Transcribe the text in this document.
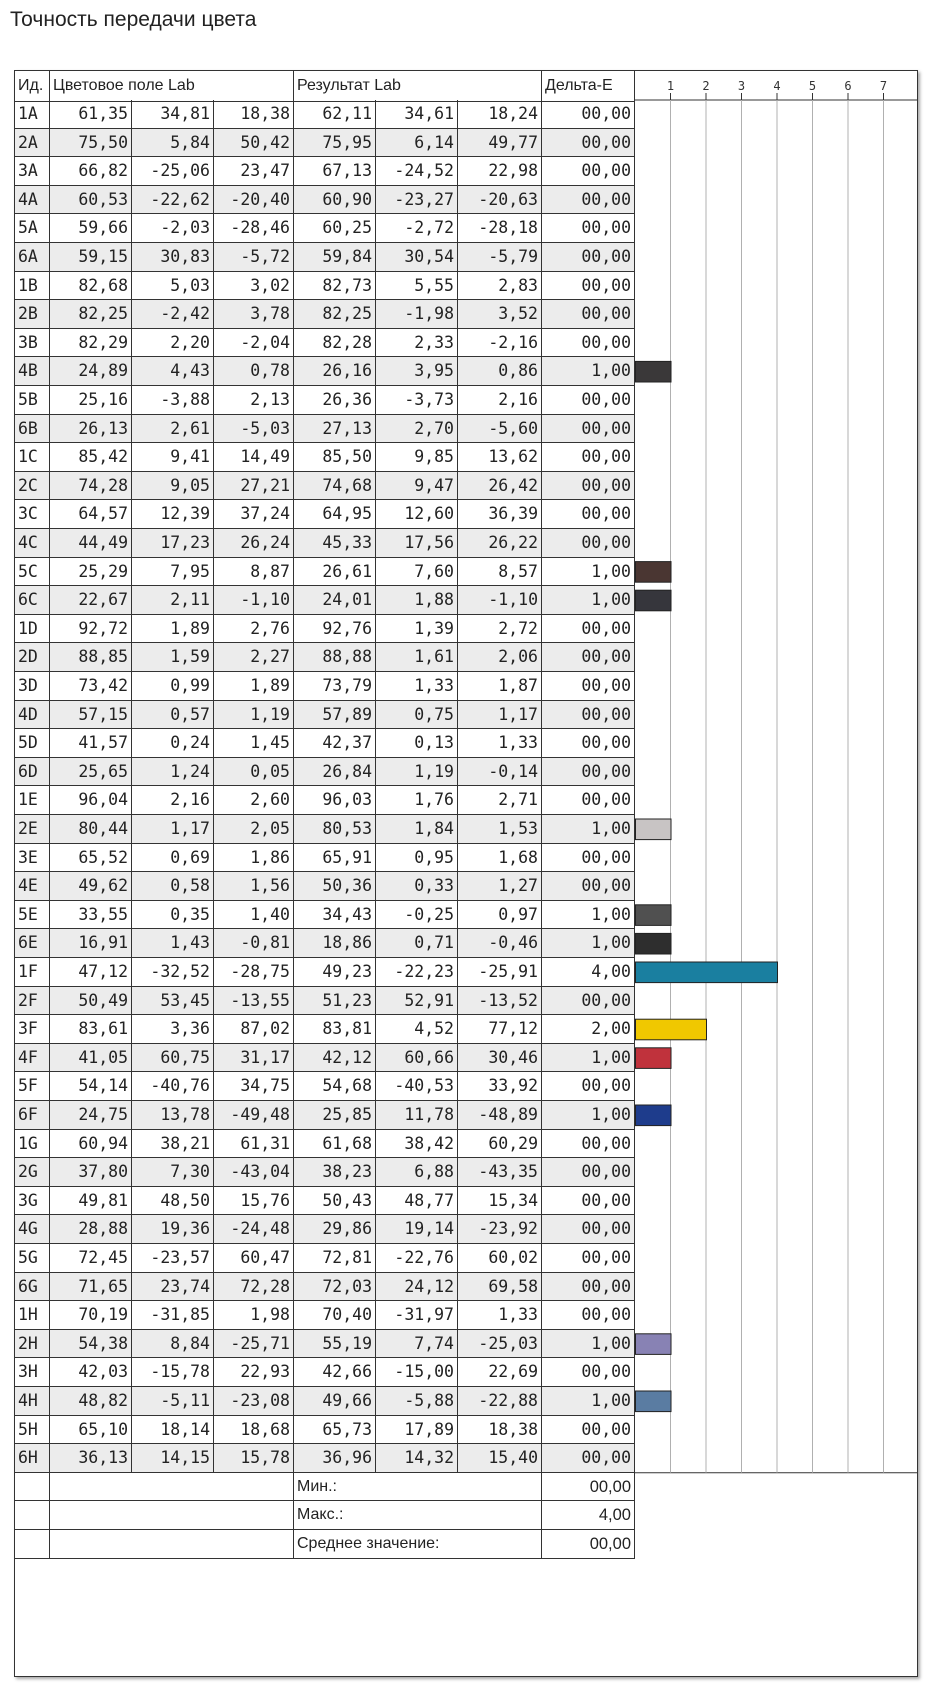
Точность передачи цвета
Ид. Цветовое поле Lab	Результат Lab	Дельта-E
1A	61,35	34,81	18,38	62,11	34,61	18,24	00,00
2A	75,50	5,84	50,42	75,95	6,14	49,77	00,00
3A	66,82	-25,06	23,47	67,13	-24,52	22,98	00,00
4A	60,53	-22,62	-20,40	60,90	-23,27	-20,63	00,00
5A	59,66	-2,03	-28,46	60,25	-2,72	-28,18	00,00
6A	59,15	30,83	-5,72	59,84	30,54	-5,79	00,00
1B	82,68	5,03	3,02	82,73	5,55	2,83	00,00
2B	82,25	-2,42	3,78	82,25	-1,98	3,52	00,00
3B	82,29	2,20	-2,04	82,28	2,33	-2,16	00,00
4B	24,89	4,43	0,78	26,16	3,95	0,86	1,00
5B	25,16	-3,88	2,13	26,36	-3,73	2,16	00,00
6B	26,13	2,61	-5,03	27,13	2,70	-5,60	00,00
1C	85,42	9,41	14,49	85,50	9,85	13,62	00,00
2C	74,28	9,05	27,21	74,68	9,47	26,42	00,00
3C	64,57	12,39	37,24	64,95	12,60	36,39	00,00
4C	44,49	17,23	26,24	45,33	17,56	26,22	00,00
5C	25,29	7,95	8,87	26,61	7,60	8,57	1,00
6C	22,67	2,11	-1,10	24,01	1,88	-1,10	1,00
1D	92,72	1,89	2,76	92,76	1,39	2,72	00,00
2D	88,85	1,59	2,27	88,88	1,61	2,06	00,00
3D	73,42	0,99	1,89	73,79	1,33	1,87	00,00
4D	57,15	0,57	1,19	57,89	0,75	1,17	00,00
5D	41,57	0,24	1,45	42,37	0,13	1,33	00,00
6D	25,65	1,24	0,05	26,84	1,19	-0,14	00,00
1E	96,04	2,16	2,60	96,03	1,76	2,71	00,00
2E	80,44	1,17	2,05	80,53	1,84	1,53	1,00
3E	65,52	0,69	1,86	65,91	0,95	1,68	00,00
4E	49,62	0,58	1,56	50,36	0,33	1,27	00,00
5E	33,55	0,35	1,40	34,43	-0,25	0,97	1,00
6E	16,91	1,43	-0,81	18,86	0,71	-0,46	1,00
1F	47,12	-32,52	-28,75	49,23	-22,23	-25,91	4,00
2F	50,49	53,45	-13,55	51,23	52,91	-13,52	00,00
3F	83,61	3,36	87,02	83,81	4,52	77,12	2,00
4F	41,05	60,75	31,17	42,12	60,66	30,46	1,00
5F	54,14	-40,76	34,75	54,68	-40,53	33,92	00,00
6F	24,75	13,78	-49,48	25,85	11,78	-48,89	1,00
1G	60,94	38,21	61,31	61,68	38,42	60,29	00,00
2G	37,80	7,30	-43,04	38,23	6,88	-43,35	00,00
3G	49,81	48,50	15,76	50,43	48,77	15,34	00,00
4G	28,88	19,36	-24,48	29,86	19,14	-23,92	00,00
5G	72,45	-23,57	60,47	72,81	-22,76	60,02	00,00
6G	71,65	23,74	72,28	72,03	24,12	69,58	00,00
1H	70,19	-31,85	1,98	70,40	-31,97	1,33	00,00
2H	54,38	8,84	-25,71	55,19	7,74	-25,03	1,00
3H	42,03	-15,78	22,93	42,66	-15,00	22,69	00,00
4H	48,82	-5,11	-23,08	49,66	-5,88	-22,88	1,00
5H	65,10	18,14	18,68	65,73	17,89	18,38	00,00
6H	36,13	14,15	15,78	36,96	14,32	15,40	00,00
Мин.:	00,00
Макс.:	4,00
Среднее значение:	00,00
1 2 3 4 5 6 7
